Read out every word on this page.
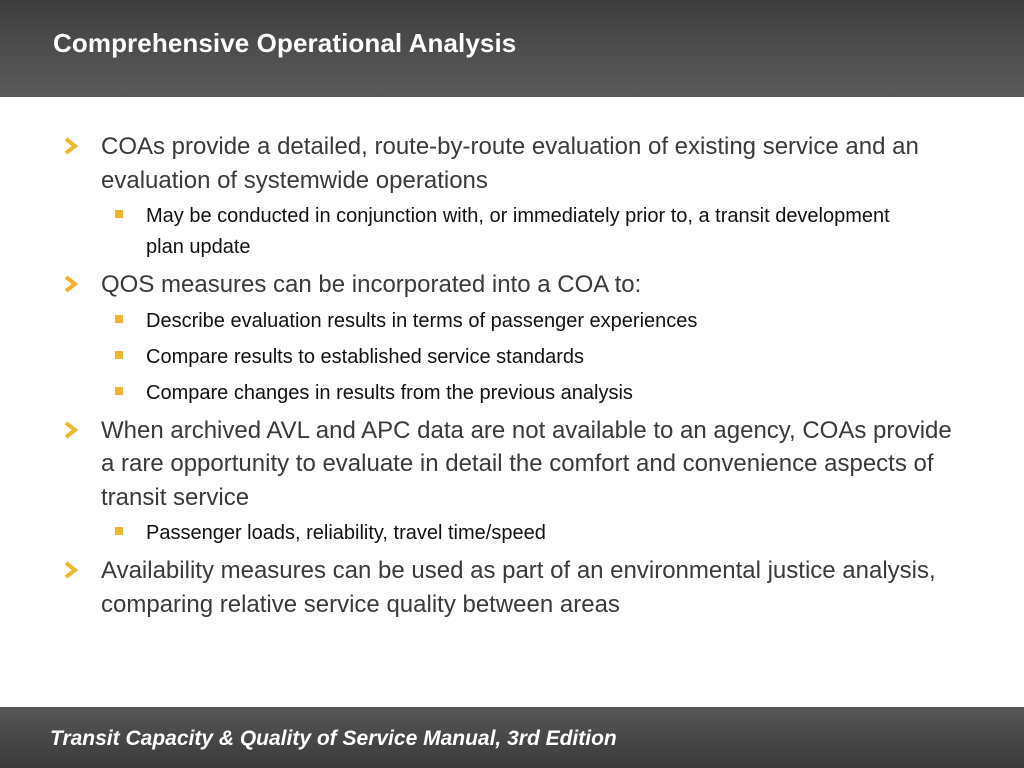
Comprehensive Operational Analysis
COAs provide a detailed, route-by-route evaluation of existing service and an evaluation of systemwide operations
May be conducted in conjunction with, or immediately prior to, a transit development plan update
QOS measures can be incorporated into a COA to:
Describe evaluation results in terms of passenger experiences
Compare results to established service standards
Compare changes in results from the previous analysis
When archived AVL and APC data are not available to an agency, COAs provide a rare opportunity to evaluate in detail the comfort and convenience aspects of transit service
Passenger loads, reliability, travel time/speed
Availability measures can be used as part of an environmental justice analysis, comparing relative service quality between areas
Transit Capacity & Quality of Service Manual, 3rd Edition
